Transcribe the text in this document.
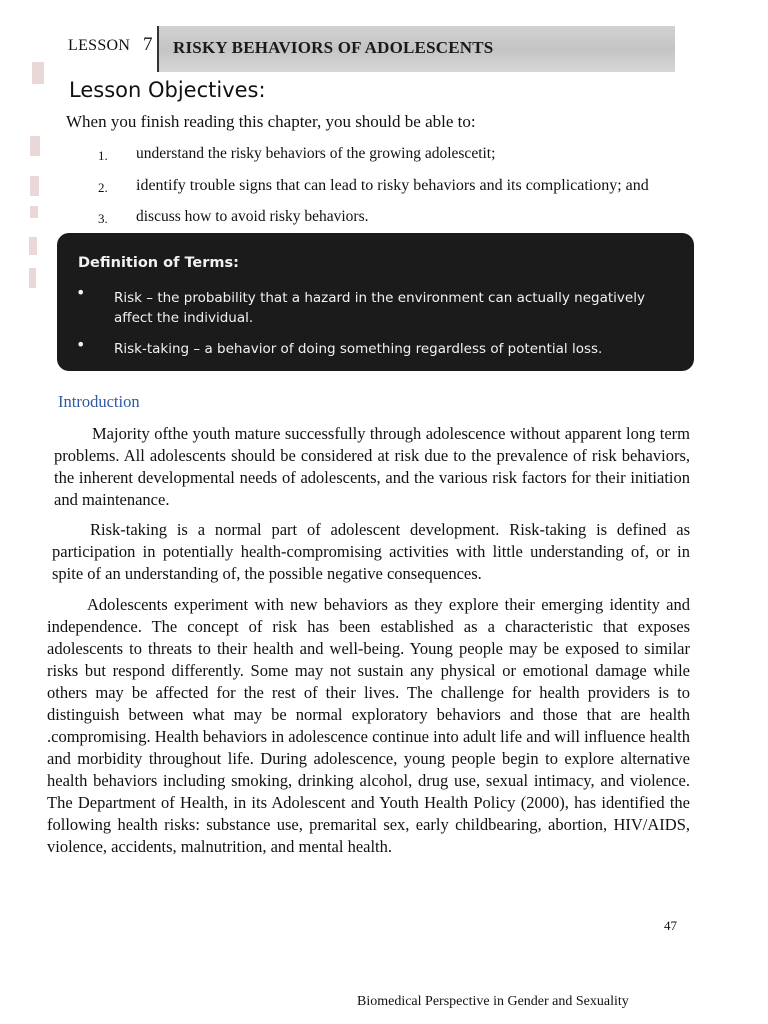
LESSON 7 RISKY BEHAVIORS OF ADOLESCENTS
Lesson Objectives:
When you finish reading this chapter, you should be able to:
1. understand the risky behaviors of the growing adolescetit;
2. identify trouble signs that can lead to risky behaviors and its complicationy; and
3. discuss how to avoid risky behaviors.
Definition of Terms:
• Risk – the probability that a hazard in the environment can actually negatively affect the individual.
• Risk-taking – a behavior of doing something regardless of potential loss.
Introduction
Majority ofthe youth mature successfully through adolescence without apparent long term problems. All adolescents should be considered at risk due to the prevalence of risk behaviors, the inherent developmental needs of adolescents, and the various risk factors for their initiation and maintenance.
Risk-taking is a normal part of adolescent development. Risk-taking is defined as participation in potentially health-compromising activities with little understanding of, or in spite of an understanding of, the possible negative consequences.
Adolescents experiment with new behaviors as they explore their emerging identity and independence. The concept of risk has been established as a characteristic that exposes adolescents to threats to their health and well-being. Young people may be exposed to similar risks but respond differently. Some may not sustain any physical or emotional damage while others may be affected for the rest of their lives. The challenge for health providers is to distinguish between what may be normal exploratory behaviors and those that are health .compromising. Health behaviors in adolescence continue into adult life and will influence health and morbidity throughout life. During adolescence, young people begin to explore alternative health behaviors including smoking, drinking alcohol, drug use, sexual intimacy, and violence. The Department of Health, in its Adolescent and Youth Health Policy (2000), has identified the following health risks: substance use, premarital sex, early childbearing, abortion, HIV/AIDS, violence, accidents, malnutrition, and mental health.
47
Biomedical Perspective in Gender and Sexuality
